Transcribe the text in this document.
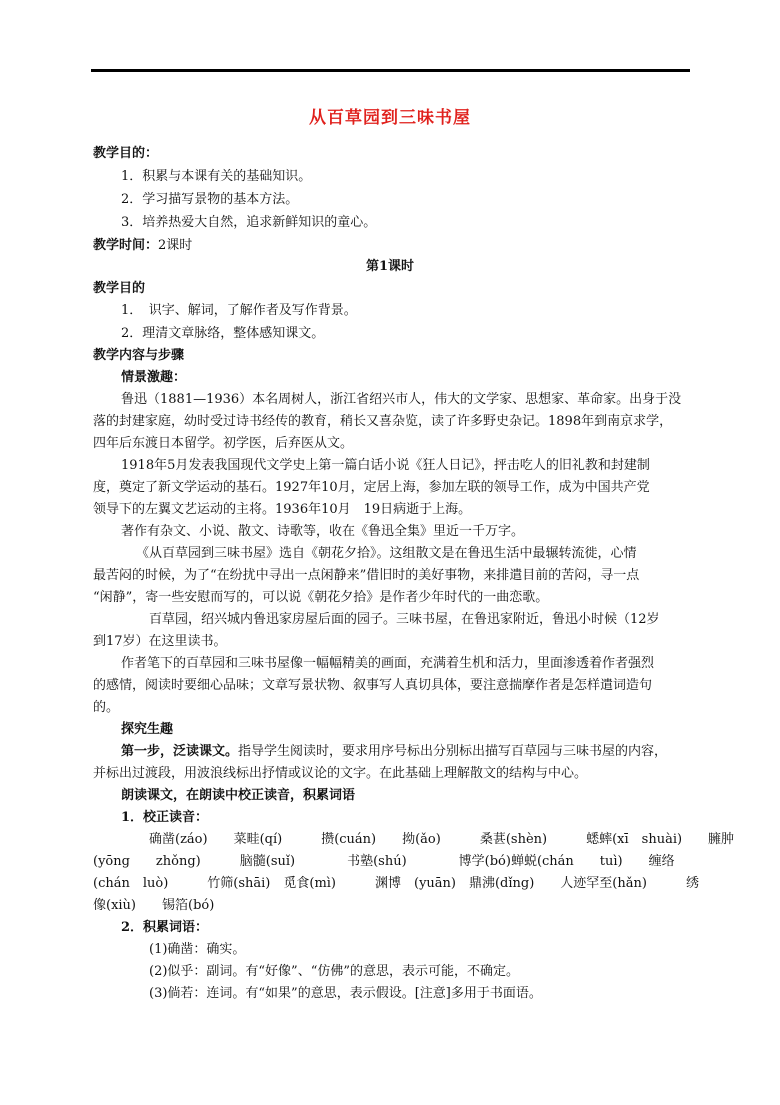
从百草园到三味书屋
教学目的：
1．积累与本课有关的基础知识。
2．学习描写景物的基本方法。
3．培养热爱大自然，追求新鲜知识的童心。
教学时间：2课时
第1课时
教学目的
1．　识字、解词，了解作者及写作背景。
2．理清文章脉络，整体感知课文。
教学内容与步骤
情景激趣：
鲁迅（1881—1936）本名周树人，浙江省绍兴市人，伟大的文学家、思想家、革命家。出身于没
落的封建家庭，幼时受过诗书经传的教育，稍长又喜杂览，读了许多野史杂记。1898年到南京求学，
四年后东渡日本留学。初学医，后弃医从文。
1918年5月发表我国现代文学史上第一篇白话小说《狂人日记》，抨击吃人的旧礼教和封建制
度，奠定了新文学运动的基石。1927年10月，定居上海，参加左联的领导工作，成为中国共产党
领导下的左翼文艺运动的主将。1936年10月　19日病逝于上海。
著作有杂文、小说、散文、诗歌等，收在《鲁迅全集》里近一千万字。
《从百草园到三味书屋》选自《朝花夕拾》。这组散文是在鲁迅生活中最辗转流徙，心情
最苦闷的时候，为了“在纷扰中寻出一点闲静来”借旧时的美好事物，来排遣目前的苦闷，寻一点
“闲静”，寄一些安慰而写的，可以说《朝花夕拾》是作者少年时代的一曲恋歌。
百草园，绍兴城内鲁迅家房屋后面的园子。三味书屋，在鲁迅家附近，鲁迅小时候（12岁
到17岁）在这里读书。
作者笔下的百草园和三味书屋像一幅幅精美的画面，充满着生机和活力，里面渗透着作者强烈
的感情，阅读时要细心品味；文章写景状物、叙事写人真切具体，要注意揣摩作者是怎样遣词造句
的。
探究生趣
第一步，泛读课文。指导学生阅读时，要求用序号标出分别标出描写百草园与三味书屋的内容，
并标出过渡段，用波浪线标出抒情或议论的文字。在此基础上理解散文的结构与中心。
朗读课文，在朗读中校正读音，积累词语
1．校正读音：
确凿(záo)　　菜畦(qí)　　　攒(cuán)　　拗(ǎo)　　　桑葚(shèn)　　　蟋蟀(xī　shuài)　　臃肿
(yōng　　zhǒng)　　　脑髓(suǐ)　　　　书塾(shú)　　　　博学(bó)蝉蜕(chán　　tuì)　　缠络
(chán　luò)　　　竹筛(shāi)　觅食(mì)　　　渊博　(yuān)　鼎沸(dǐng)　　人迹罕至(hǎn)　　　绣
像(xiù)　　锡箔(bó)
2．积累词语：
(1)确凿：确实。
(2)似乎：副词。有“好像”、“仿佛”的意思，表示可能，不确定。
(3)倘若：连词。有“如果”的意思，表示假设。[注意]多用于书面语。
